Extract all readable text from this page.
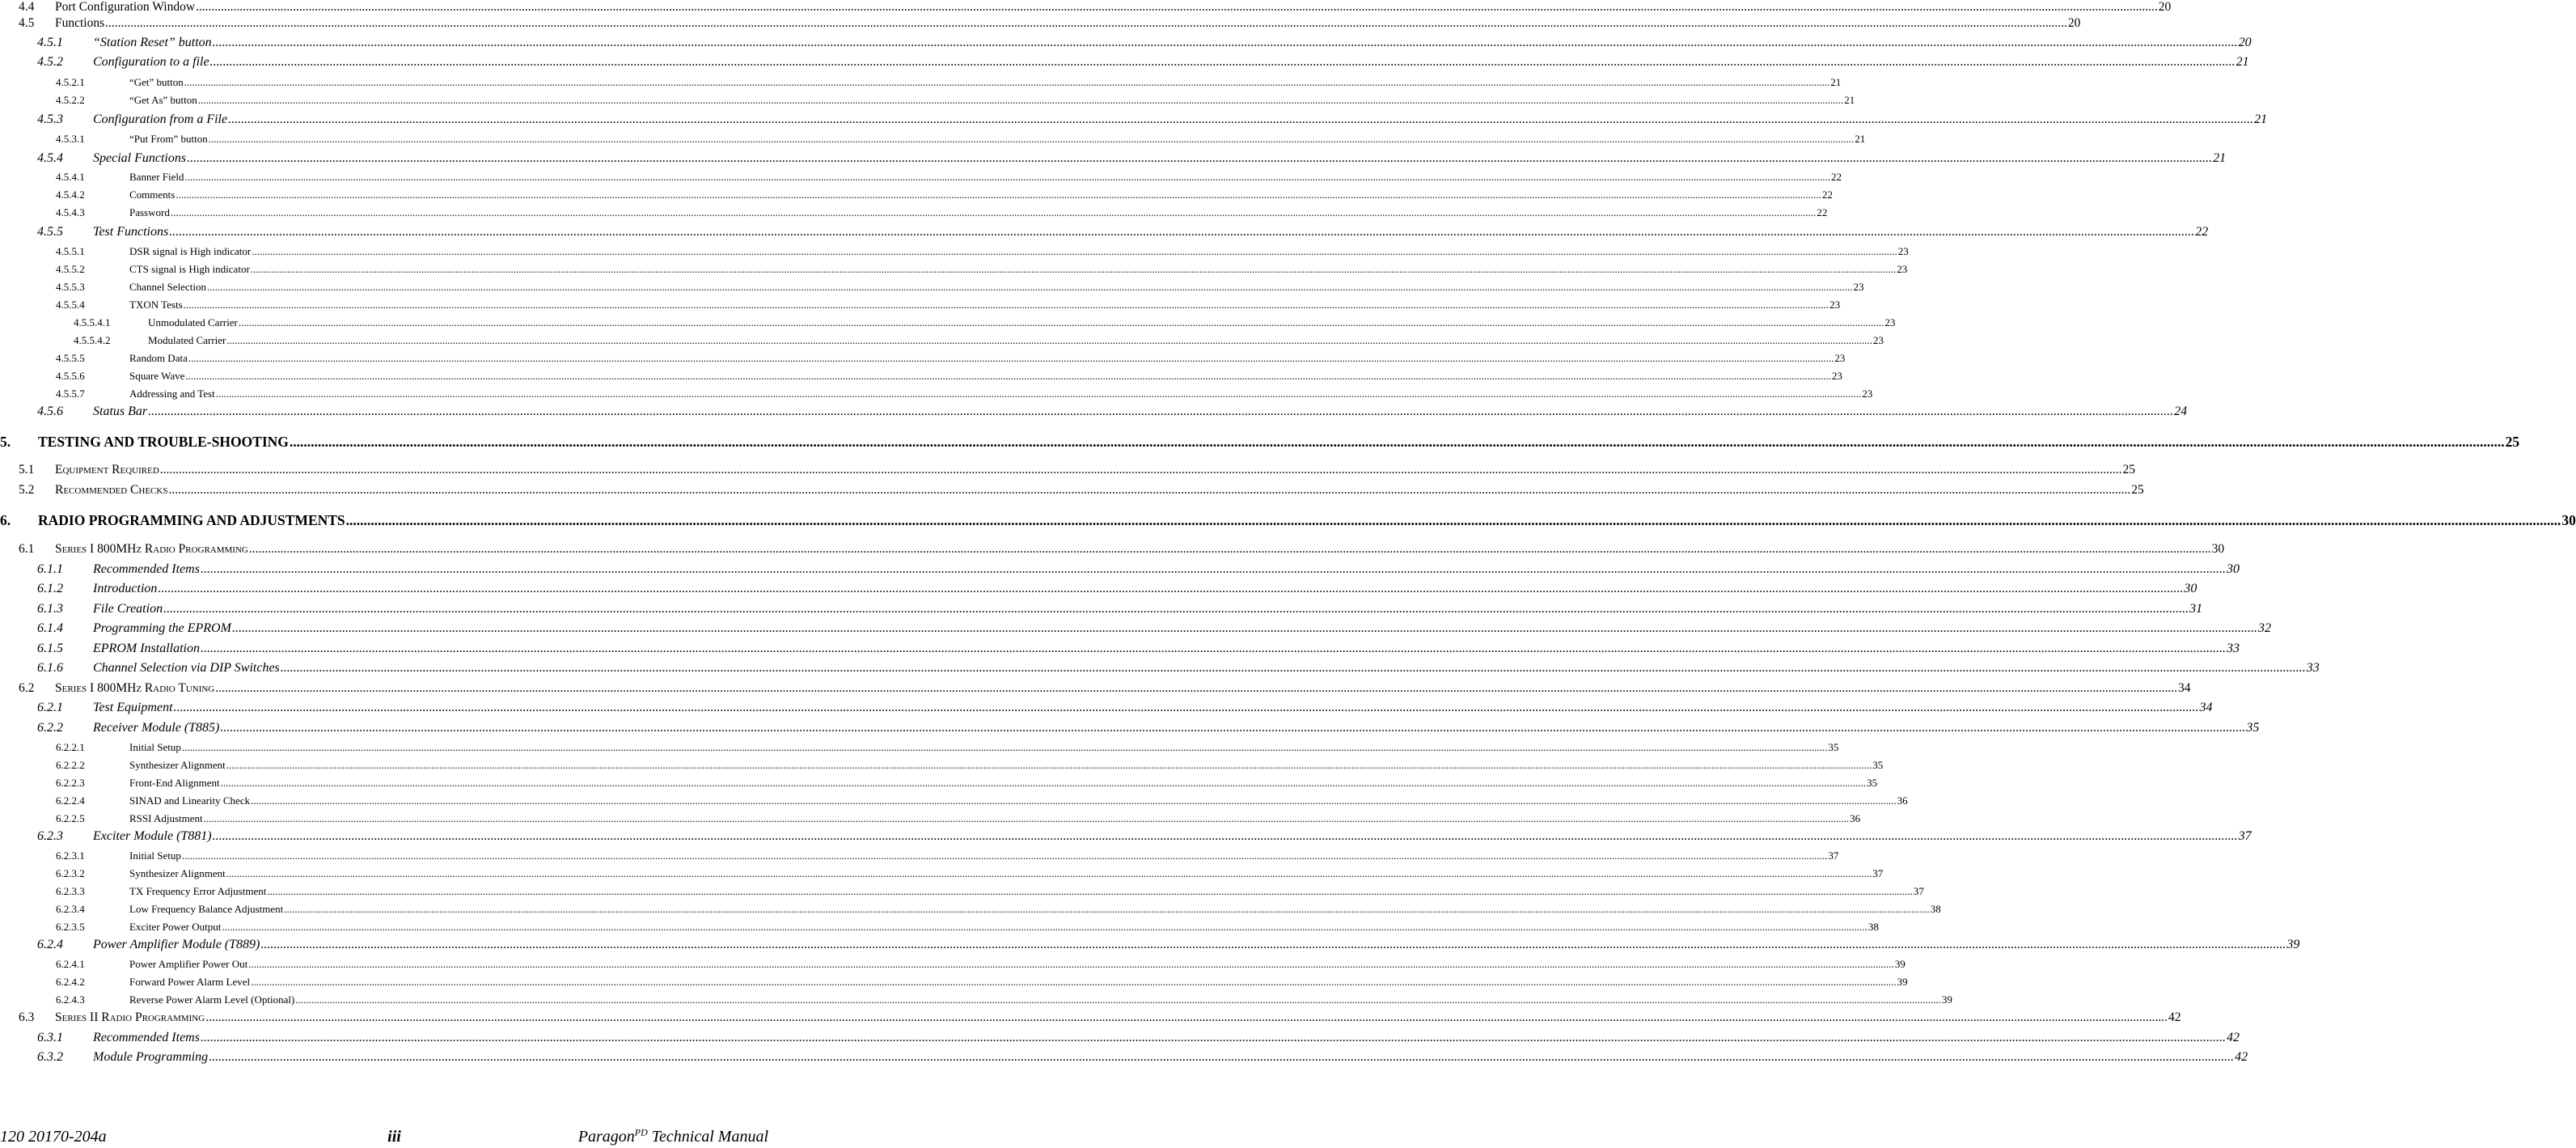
4.4	Port Configuration Window .....	20
4.5	Functions .....	20
4.5.1	“Station Reset” button .....	20
4.5.2	Configuration to a file .....	21
4.5.2.1	“Get” button .....	21
4.5.2.2	“Get As” button .....	21
4.5.3	Configuration from a File .....	21
4.5.3.1	“Put From” button .....	21
4.5.4	Special Functions .....	21
4.5.4.1	Banner Field .....	22
4.5.4.2	Comments .....	22
4.5.4.3	Password .....	22
4.5.5	Test Functions .....	22
4.5.5.1	DSR signal is High indicator .....	23
4.5.5.2	CTS signal is High indicator .....	23
4.5.5.3	Channel Selection .....	23
4.5.5.4	TXON Tests .....	23
4.5.5.4.1	Unmodulated Carrier .....	23
4.5.5.4.2	Modulated Carrier .....	23
4.5.5.5	Random Data .....	23
4.5.5.6	Square Wave .....	23
4.5.5.7	Addressing and Test .....	23
4.5.6	Status Bar .....	24
5.	TESTING AND TROUBLE-SHOOTING .....	25
5.1	Equipment Required .....	25
5.2	Recommended Checks .....	25
6.	RADIO PROGRAMMING AND ADJUSTMENTS .....	30
6.1	Series I 800MHz Radio Programming .....	30
6.1.1	Recommended Items .....	30
6.1.2	Introduction .....	30
6.1.3	File Creation .....	31
6.1.4	Programming the EPROM .....	32
6.1.5	EPROM Installation .....	33
6.1.6	Channel Selection via DIP Switches .....	33
6.2	Series I 800MHz Radio Tuning .....	34
6.2.1	Test Equipment .....	34
6.2.2	Receiver Module (T885) .....	35
6.2.2.1	Initial Setup .....	35
6.2.2.2	Synthesizer Alignment .....	35
6.2.2.3	Front-End Alignment .....	35
6.2.2.4	SINAD and Linearity Check .....	36
6.2.2.5	RSSI Adjustment .....	36
6.2.3	Exciter Module (T881) .....	37
6.2.3.1	Initial Setup .....	37
6.2.3.2	Synthesizer Alignment .....	37
6.2.3.3	TX Frequency Error Adjustment .....	37
6.2.3.4	Low Frequency Balance Adjustment .....	38
6.2.3.5	Exciter Power Output .....	38
6.2.4	Power Amplifier Module (T889) .....	39
6.2.4.1	Power Amplifier Power Out .....	39
6.2.4.2	Forward Power Alarm Level .....	39
6.2.4.3	Reverse Power Alarm Level (Optional) .....	39
6.3	Series II Radio Programming .....	42
6.3.1	Recommended Items .....	42
6.3.2	Module Programming .....	42
120 20170-204a	iii	Paragon$^{PD}$ Technical Manual
